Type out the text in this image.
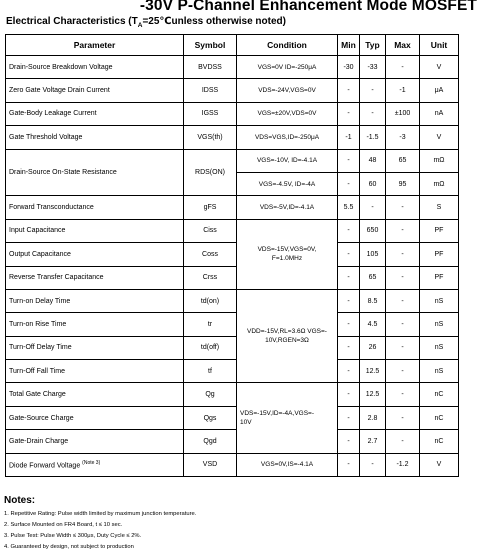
-30V P-Channel Enhancement Mode MOSFET
Electrical Characteristics ($T_A=25℃unless$ otherwise noted)
Parameter	Symbol	Condition	Min	Typ	Max	Unit
Drain-Source Breakdown Voltage	BVDSS	VGS=0V ID=-250μA	-30	-33	-	V
Zero Gate Voltage Drain Current	IDSS	VDS=-24V,VGS=0V	-	-	-1	μA
Gate-Body Leakage Current	IGSS	VGS=±20V,VDS=0V	-	-	±100	nA
Gate Threshold Voltage	VGS(th)	VDS=VGS,ID=-250μA	-1	-1.5	-3	V
Drain-Source On-State Resistance	RDS(ON)	VGS=-10V, ID=-4.1A	-	48	65	mΩ
		VGS=-4.5V, ID=-4A	-	60	95	mΩ
Forward Transconductance	gFS	VDS=-5V,ID=-4.1A	5.5	-	-	S
Input Capacitance	Ciss	VDS=-15V,VGS=0V,
F=1.0MHz	-	650	-	PF
Output Capacitance	Coss		-	105	-	PF
Reverse Transfer Capacitance	Crss		-	65	-	PF
Turn-on Delay Time	td(on)	VDD=-15V,RL=3.6Ω VGS=-
10V,RGEN=3Ω	-	8.5	-	nS
Turn-on Rise Time	tr		-	4.5	-	nS
Turn-Off Delay Time	td(off)		-	26	-	nS
Turn-Off Fall Time	tf		-	12.5	-	nS
Total Gate Charge	Qg	VDS=-15V,ID=-4A,VGS=-
10V	-	12.5	-	nC
Gate-Source Charge	Qgs		-	2.8	-	nC
Gate-Drain Charge	Qgd		-	2.7	-	nC
Diode Forward Voltage $^{(Note 3)}$	VSD	VGS=0V,IS=-4.1A	-	-	-1.2	V
Notes:
1. Repetitive Rating: Pulse width limited by maximum junction temperature.
2. Surface Mounted on FR4 Board, t ≤ 10 sec.
3. Pulse Test: Pulse Width ≤ 300μs, Duty Cycle ≤ 2%.
4. Guaranteed by design, not subject to production
